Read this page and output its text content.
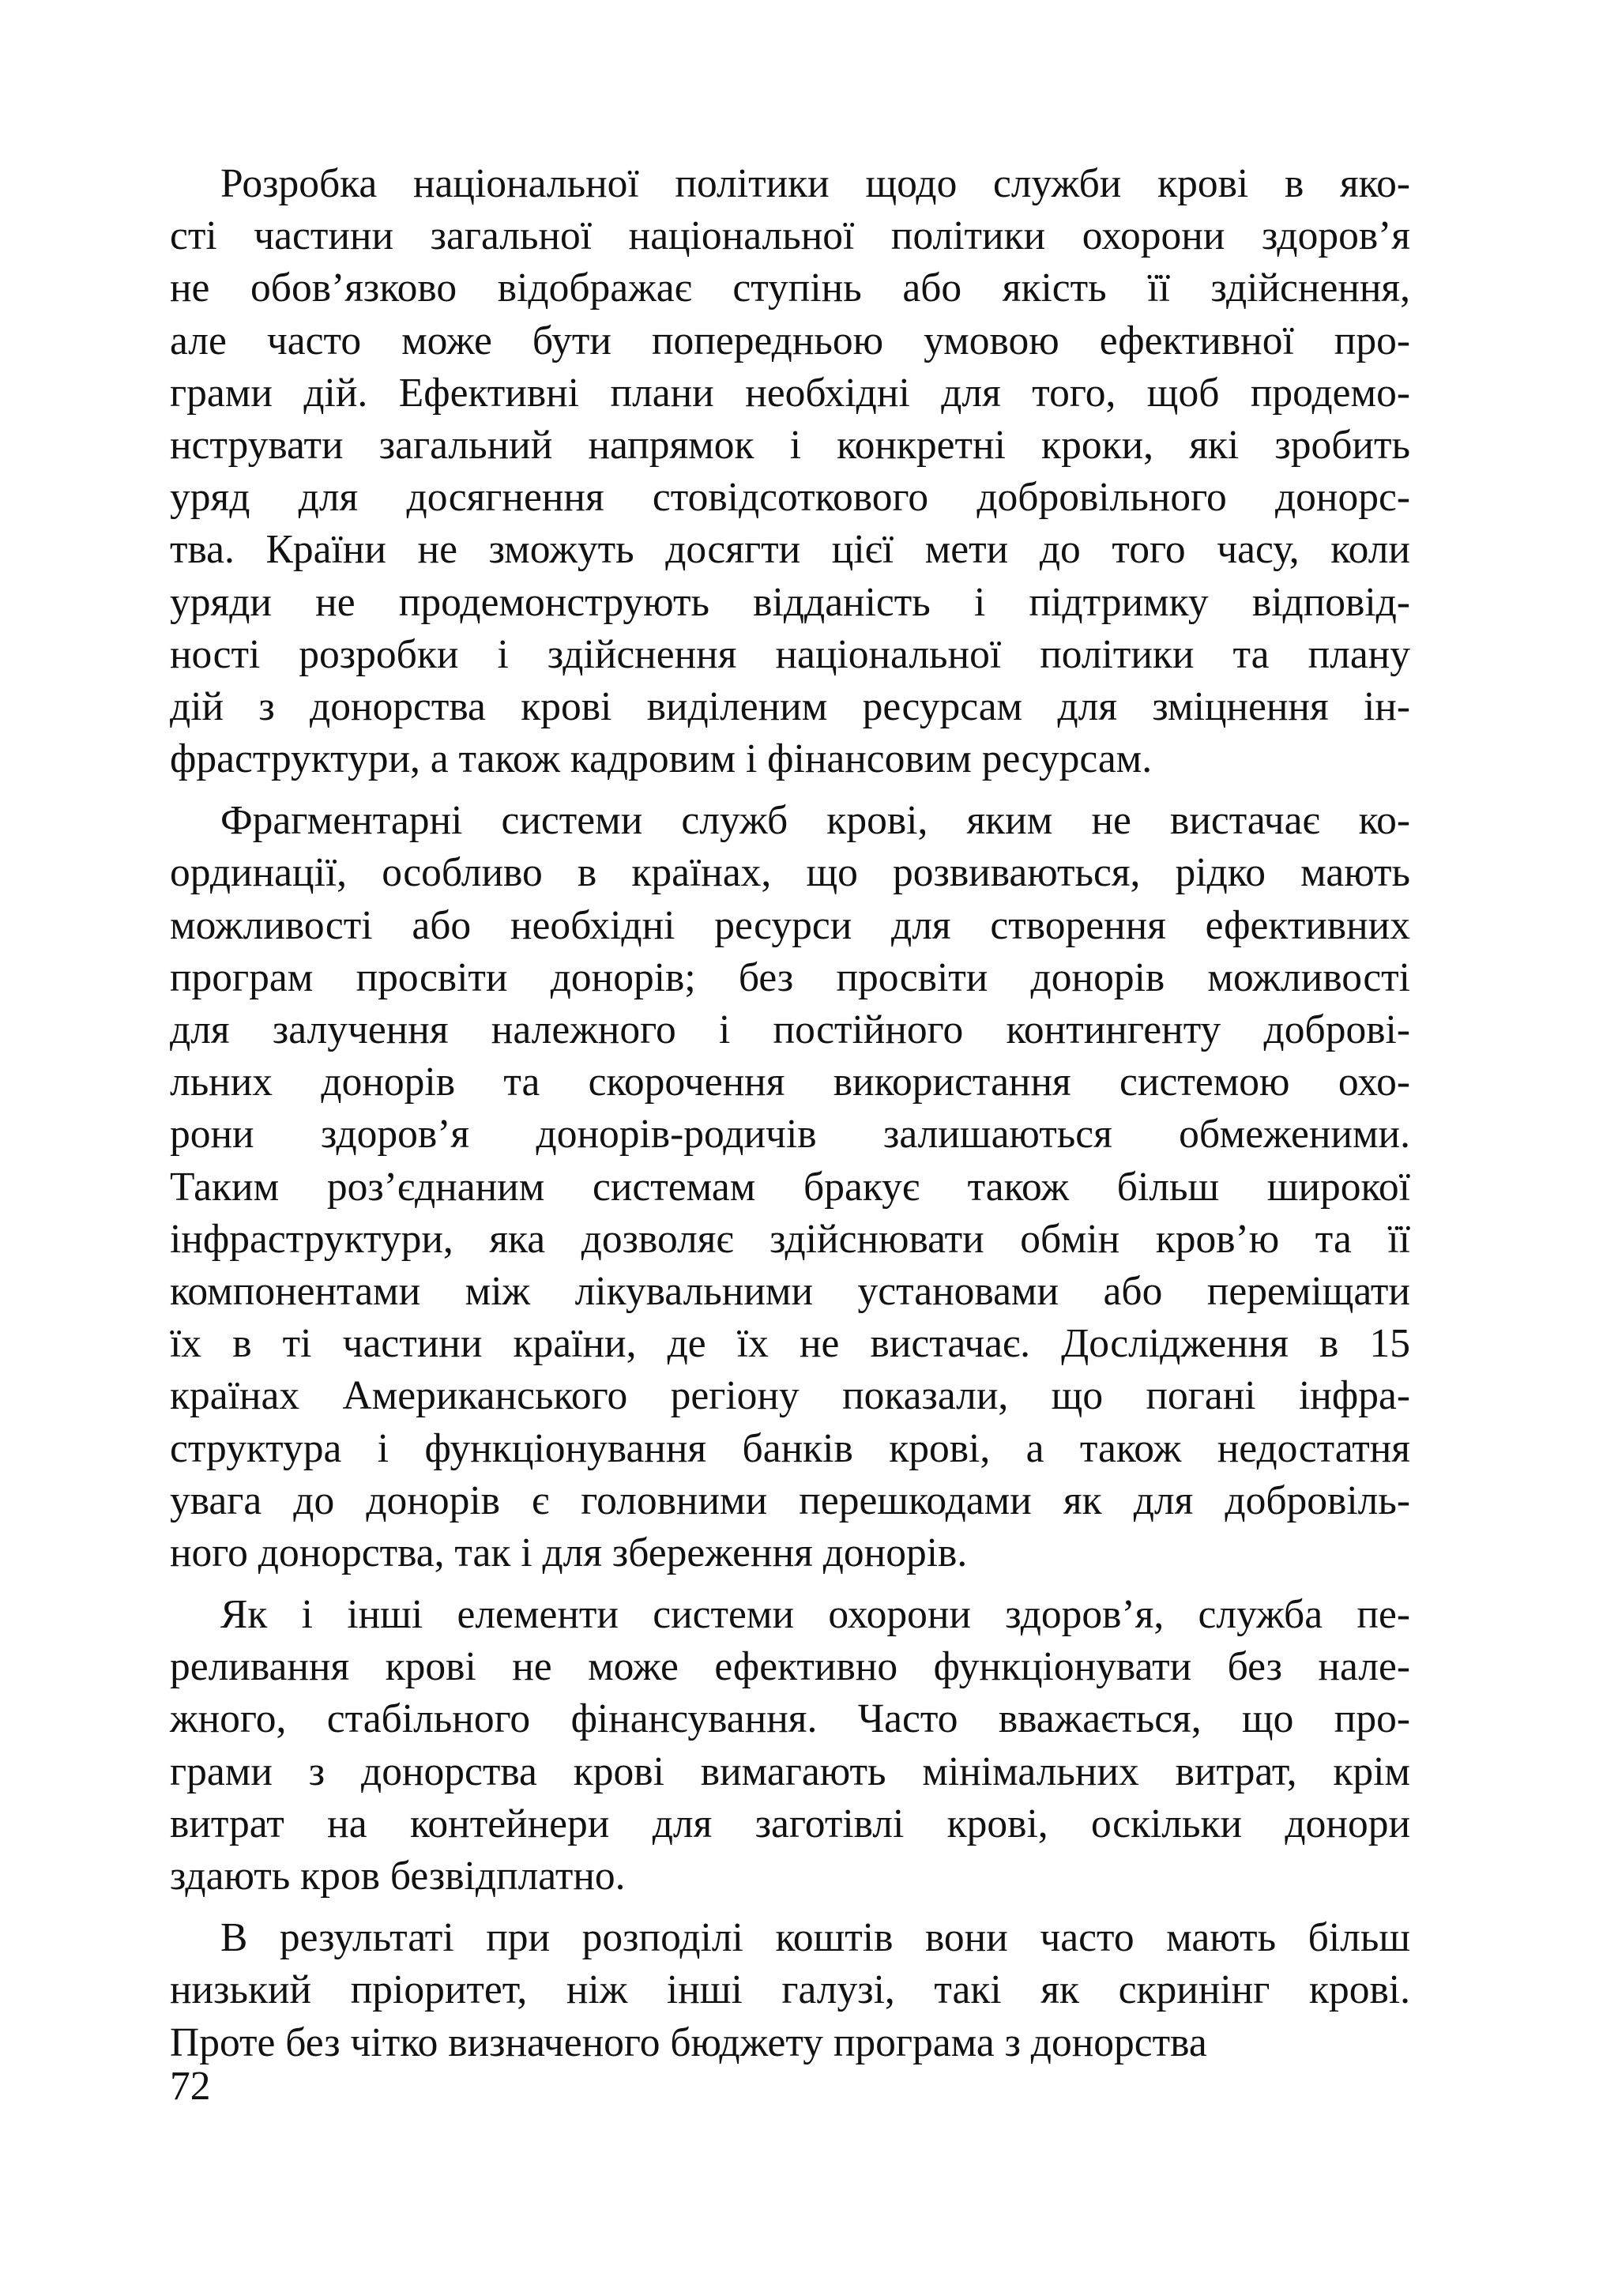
Розробка національної політики щодо служби крові в яко-
сті частини загальної національної політики охорони здоров’я
не обов’язково відображає ступінь або якість її здійснення,
але часто може бути попередньою умовою ефективної про-
грами дій. Ефективні плани необхідні для того, щоб продемо-
нструвати загальний напрямок і конкретні кроки, які зробить
уряд для досягнення стовідсоткового добровільного донорс-
тва. Країни не зможуть досягти цієї мети до того часу, коли
уряди не продемонструють відданість і підтримку відповід-
ності розробки і здійснення національної політики та плану
дій з донорства крові виділеним ресурсам для зміцнення ін-
фраструктури, а також кадровим і фінансовим ресурсам.
Фрагментарні системи служб крові, яким не вистачає ко-
ординації, особливо в країнах, що розвиваються, рідко мають
можливості або необхідні ресурси для створення ефективних
програм просвіти донорів; без просвіти донорів можливості
для залучення належного і постійного контингенту доброві-
льних донорів та скорочення використання системою охо-
рони здоров’я донорів-родичів залишаються обмеженими.
Таким роз’єднаним системам бракує також більш широкої
інфраструктури, яка дозволяє здійснювати обмін кров’ю та її
компонентами між лікувальними установами або переміщати
їх в ті частини країни, де їх не вистачає. Дослідження в 15
країнах Американського регіону показали, що погані інфра-
структура і функціонування банків крові, а також недостатня
увага до донорів є головними перешкодами як для добровіль-
ного донорства, так і для збереження донорів.
Як і інші елементи системи охорони здоров’я, служба пе-
реливання крові не може ефективно функціонувати без нале-
жного, стабільного фінансування. Часто вважається, що про-
грами з донорства крові вимагають мінімальних витрат, крім
витрат на контейнери для заготівлі крові, оскільки донори
здають кров безвідплатно.
В результаті при розподілі коштів вони часто мають більш
низький пріоритет, ніж інші галузі, такі як скринінг крові.
Проте без чітко визначеного бюджету програма з донорства
72
